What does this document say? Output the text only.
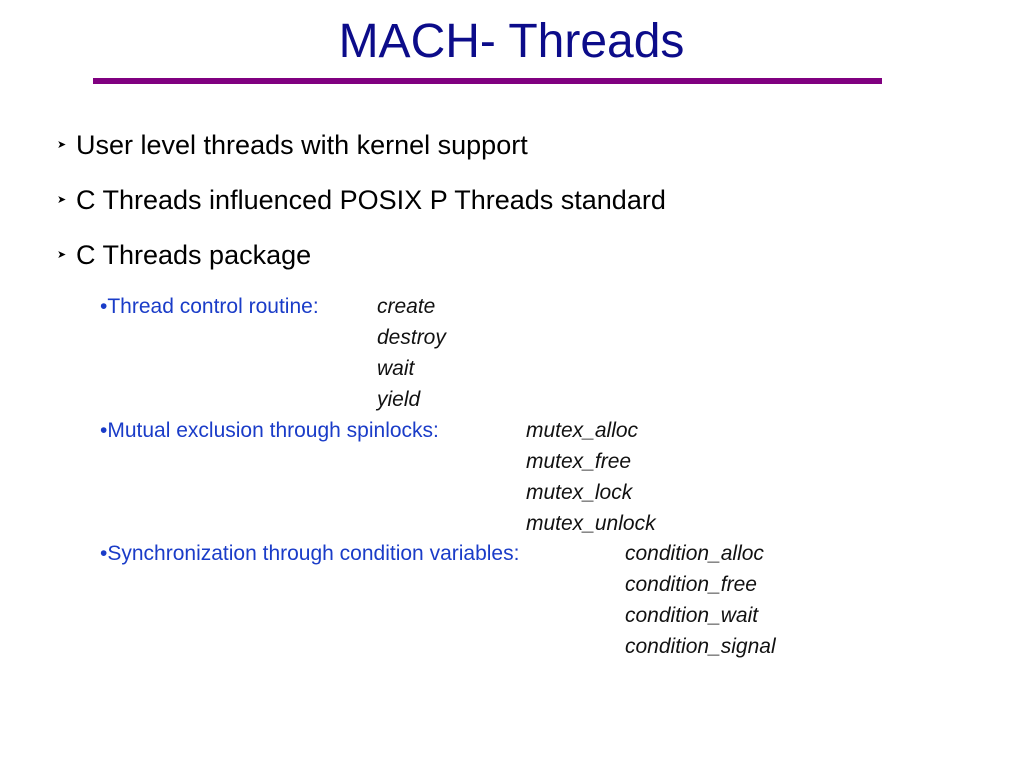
MACH- Threads
➤ User level threads with kernel support
➤ C Threads influenced POSIX P Threads standard
➤ C Threads package
•Thread control routine:	create
destroy
wait
yield
•Mutual exclusion through spinlocks:	mutex_alloc
mutex_free
mutex_lock
mutex_unlock
•Synchronization through condition variables:	condition_alloc
condition_free
condition_wait
condition_signal
